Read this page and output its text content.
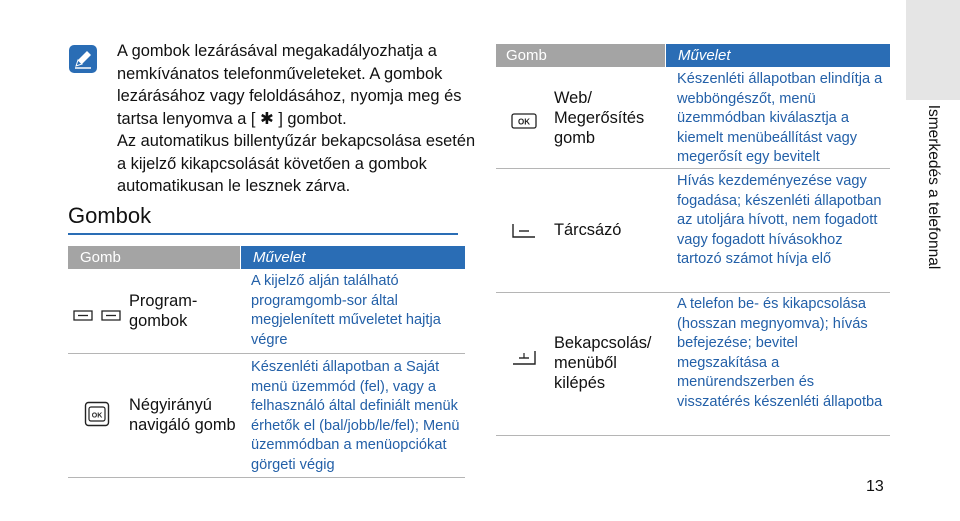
A gombok lezárásával megakadályozhatja a nemkívánatos telefonműveleteket. A gombok lezárásához vagy feloldásához, nyomja meg és tartsa lenyomva a [ ✱ ] gombot.

Az automatikus billentyűzár bekapcsolása esetén a kijelző kikapcsolását követően a gombok automatikusan le lesznek zárva.

Gombok
Gomb	Művelet
Program-
gombok
A kijelző alján található programgomb-sor által megjelenített műveletet hajtja végre
OK
Négyirányú navigáló gomb
Készenléti állapotban a Saját menü üzemmód (fel), vagy a felhasználó által definiált menük érhetők el (bal/jobb/le/fel); Menü üzemmódban a menüopciókat görgeti végig
Gomb	Művelet
OK
Web/
Megerősítés gomb
Készenléti állapotban elindítja a webböngészőt, menü üzemmódban kiválasztja a kiemelt menübeállítást vagy megerősít egy bevitelt
Tárcsázó
Hívás kezdeményezése vagy fogadása; készenléti állapotban az utoljára hívott, nem fogadott vagy fogadott hívásokhoz tartozó számot hívja elő
Bekapcsolás/ menüből kilépés
A telefon be- és kikapcsolása (hosszan megnyomva); hívás befejezése; bevitel megszakítása a menürendszerben és visszatérés készenléti állapotba
Ismerkedés a telefonnal
13
